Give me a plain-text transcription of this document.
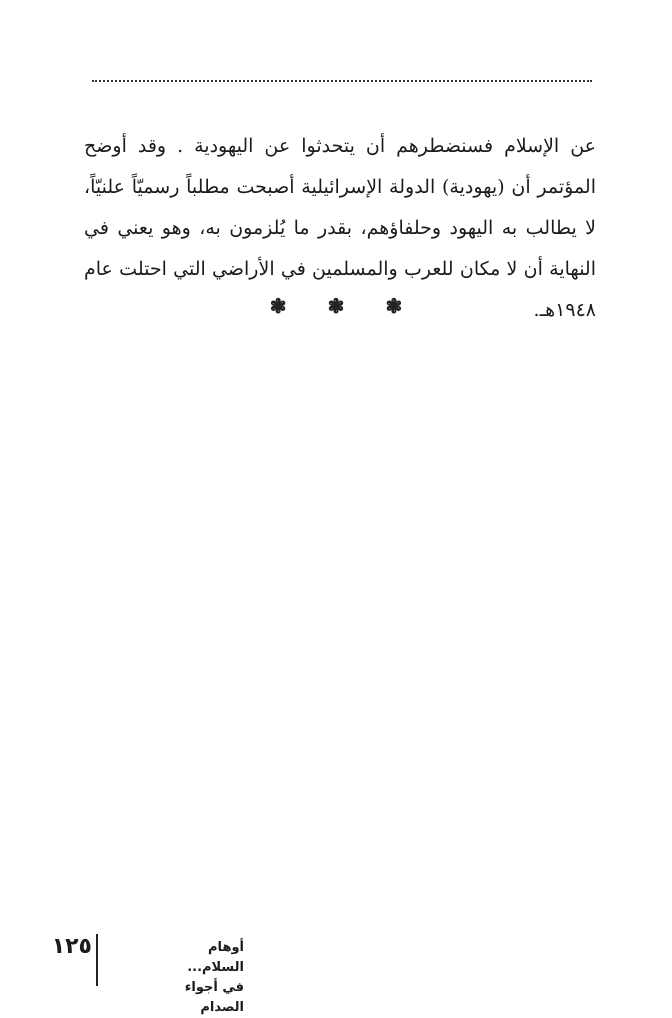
عن الإسلام فسنضطرهم أن يتحدثوا عن اليهودية . وقد أوضح المؤتمر أن (يهودية) الدولة الإسرائيلية أصبحت مطلباً رسميّاً علنيّاً، لا يطالب به اليهود وحلفاؤهم، بقدر ما يُلزمون به، وهو يعني في النهاية أن لا مكان للعرب والمسلمين في الأراضي التي احتلت عام ١٩٤٨هـ.

❃ ❃ ❃
١٢٥	أوهام السلام...
في أجواء الصدام
